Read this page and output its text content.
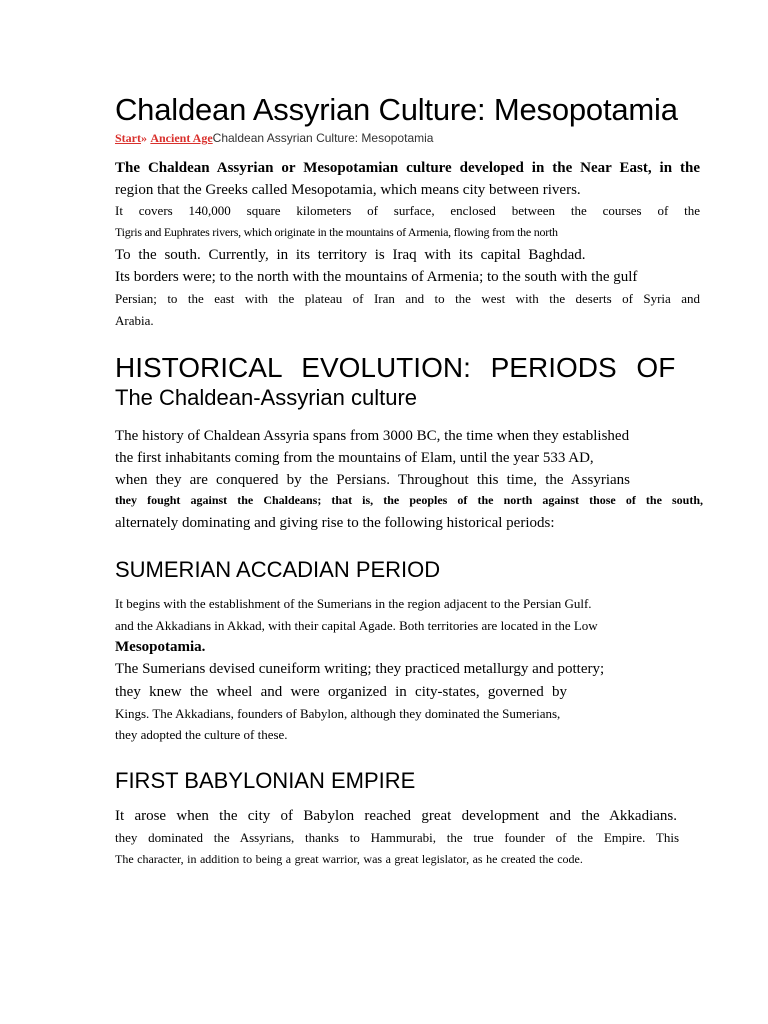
Chaldean Assyrian Culture: Mesopotamia
Start» Ancient AgeChaldean Assyrian Culture: Mesopotamia
The Chaldean Assyrian or Mesopotamian culture developed in the Near East, in the
region that the Greeks called Mesopotamia, which means city between rivers.
It covers 140,000 square kilometers of surface, enclosed between the courses of the
Tigris and Euphrates rivers, which originate in the mountains of Armenia, flowing from the north
To the south. Currently, in its territory is Iraq with its capital Baghdad.
Its borders were; to the north with the mountains of Armenia; to the south with the gulf
Persian; to the east with the plateau of Iran and to the west with the deserts of Syria and
Arabia.
HISTORICAL EVOLUTION: PERIODS OF
The Chaldean-Assyrian culture
The history of Chaldean Assyria spans from 3000 BC, the time when they established
the first inhabitants coming from the mountains of Elam, until the year 533 AD,
when they are conquered by the Persians. Throughout this time, the Assyrians
they fought against the Chaldeans; that is, the peoples of the north against those of the south,
alternately dominating and giving rise to the following historical periods:
SUMERIAN ACCADIAN PERIOD
It begins with the establishment of the Sumerians in the region adjacent to the Persian Gulf.
and the Akkadians in Akkad, with their capital Agade. Both territories are located in the Low
Mesopotamia.
The Sumerians devised cuneiform writing; they practiced metallurgy and pottery;
they knew the wheel and were organized in city-states, governed by
Kings. The Akkadians, founders of Babylon, although they dominated the Sumerians,
they adopted the culture of these.
FIRST BABYLONIAN EMPIRE
It arose when the city of Babylon reached great development and the Akkadians.
they dominated the Assyrians, thanks to Hammurabi, the true founder of the Empire. This
The character, in addition to being a great warrior, was a great legislator, as he created the code.
